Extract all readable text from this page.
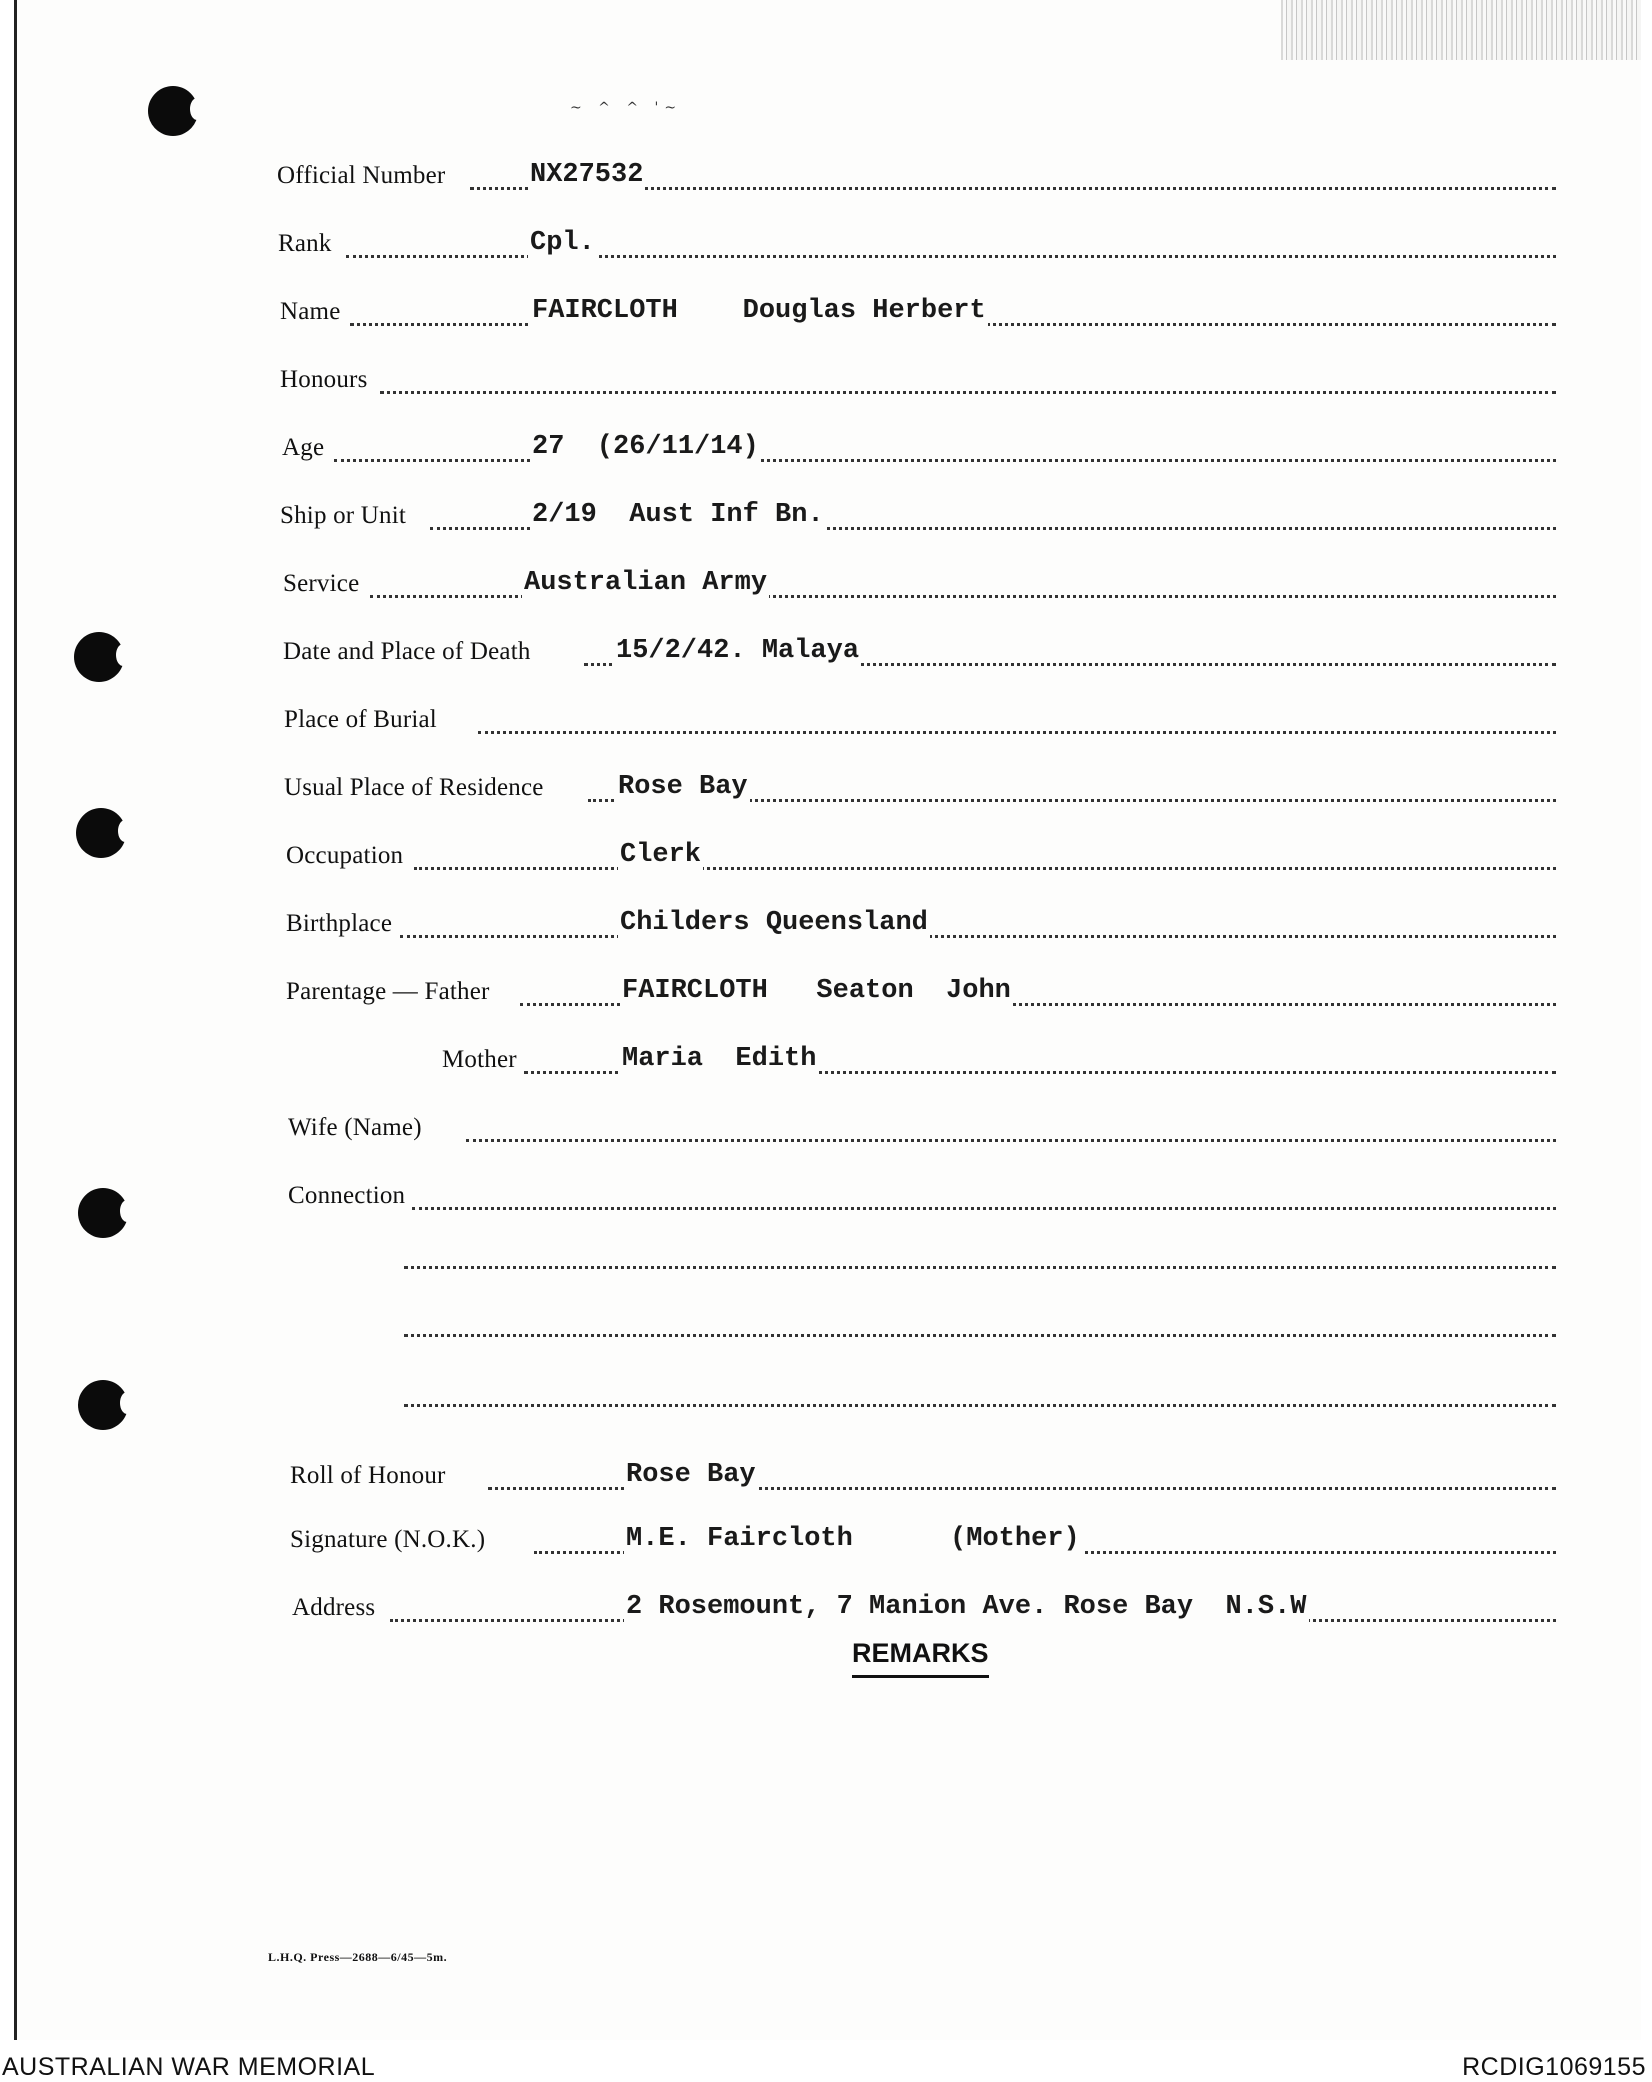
~ ^ ^ '~
Official Number	NX27532
Rank	Cpl.
Name	FAIRCLOTH    Douglas Herbert
Honours
Age	27  (26/11/14)
Ship or Unit	2/19  Aust Inf Bn.
Service	Australian Army
Date and Place of Death	15/2/42. Malaya
Place of Burial
Usual Place of Residence	Rose Bay
Occupation	Clerk
Birthplace	Childers Queensland
Parentage — Father	FAIRCLOTH   Seaton  John
Mother	Maria  Edith
Wife (Name)
Connection
Roll of Honour	Rose Bay
Signature (N.O.K.)	M.E. Faircloth      (Mother)
Address	2 Rosemount, 7 Manion Ave. Rose Bay  N.S.W
REMARKS
L.H.Q. Press—2688—6/45—5m.
AUSTRALIAN WAR MEMORIAL	RCDIG1069155
